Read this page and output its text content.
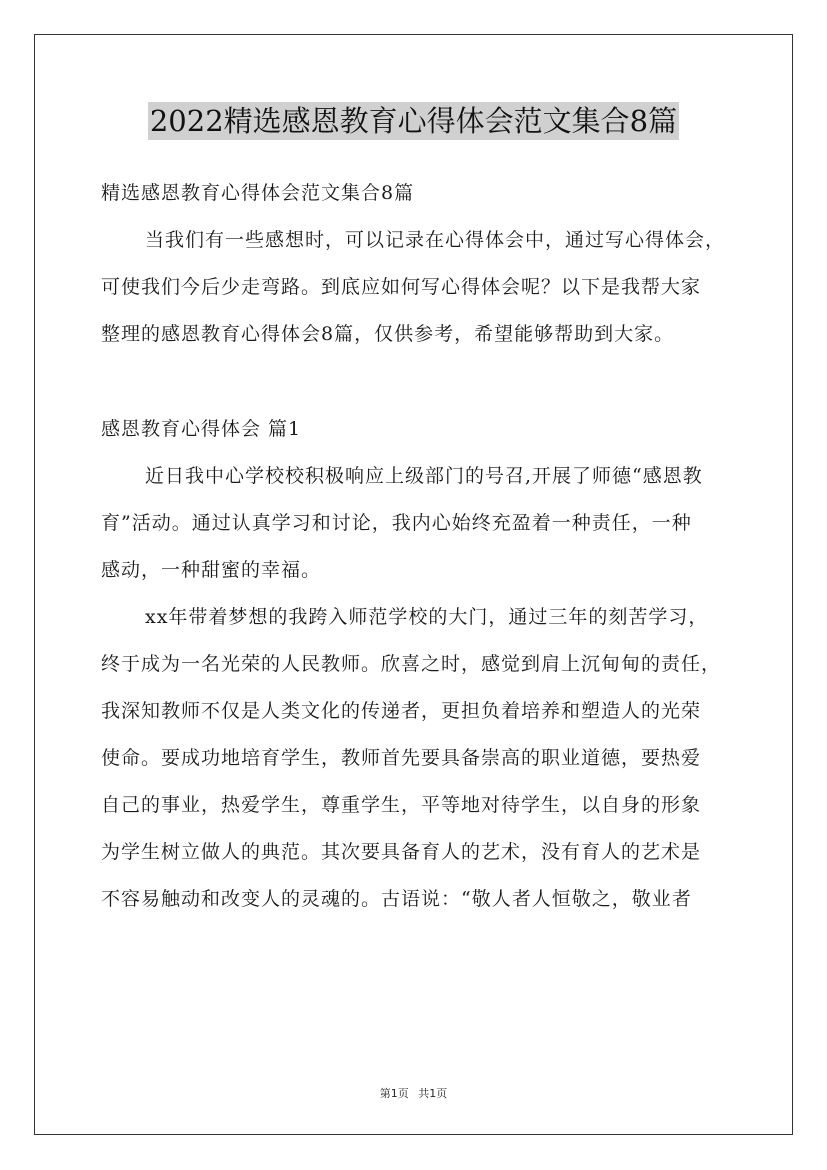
2022精选感恩教育心得体会范文集合8篇
精选感恩教育心得体会范文集合8篇
当我们有一些感想时，可以记录在心得体会中，通过写心得体会，
可使我们今后少走弯路。到底应如何写心得体会呢？以下是我帮大家
整理的感恩教育心得体会8篇，仅供参考，希望能够帮助到大家。
感恩教育心得体会 篇1
近日我中心学校校积极响应上级部门的号召,开展了师德“感恩教
育”活动。通过认真学习和讨论，我内心始终充盈着一种责任，一种
感动，一种甜蜜的幸福。
xx年带着梦想的我跨入师范学校的大门，通过三年的刻苦学习，
终于成为一名光荣的人民教师。欣喜之时，感觉到肩上沉甸甸的责任，
我深知教师不仅是人类文化的传递者，更担负着培养和塑造人的光荣
使命。要成功地培育学生，教师首先要具备崇高的职业道德，要热爱
自己的事业，热爱学生，尊重学生，平等地对待学生，以自身的形象
为学生树立做人的典范。其次要具备育人的艺术，没有育人的艺术是
不容易触动和改变人的灵魂的。古语说：“敬人者人恒敬之，敬业者
第1页 共1页
